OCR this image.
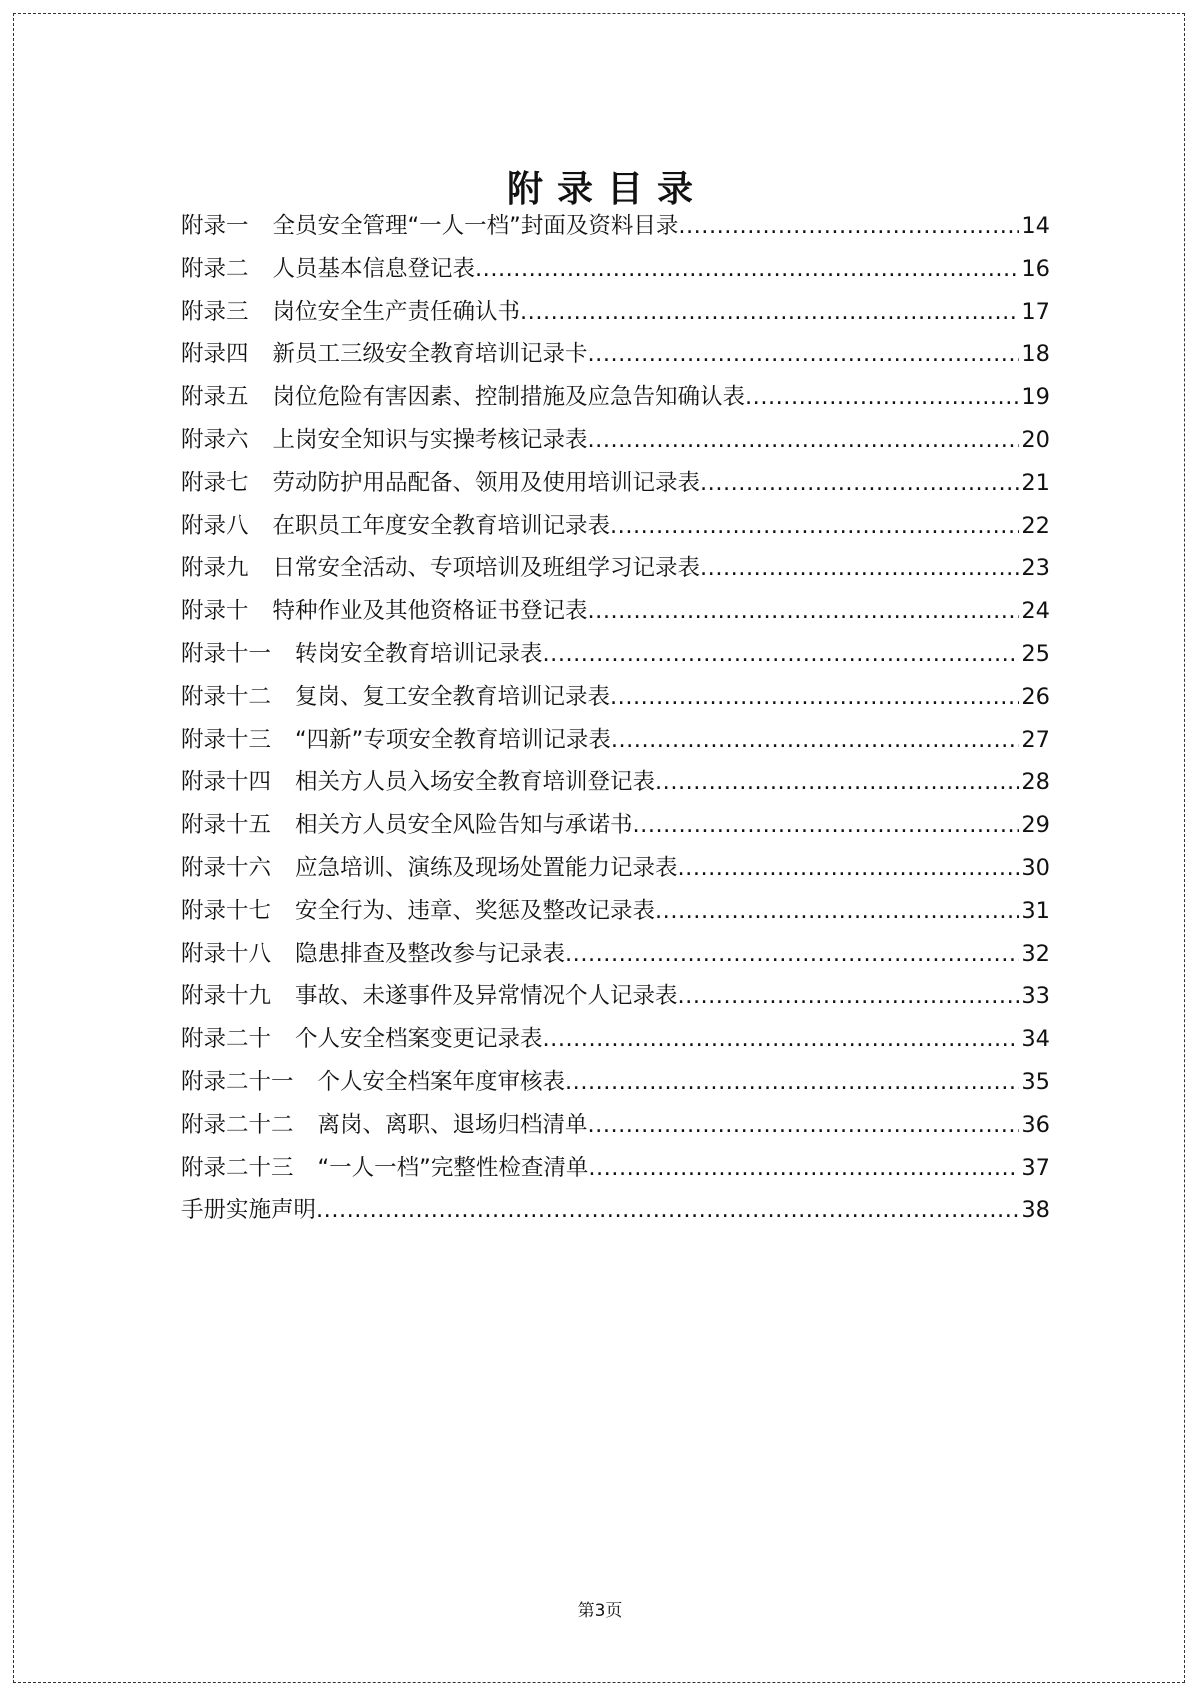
附录目录
附录一	全员安全管理“一人一档”封面及资料目录 .....	14
附录二	人员基本信息登记表 .....	16
附录三	岗位安全生产责任确认书 .....	17
附录四	新员工三级安全教育培训记录卡 .....	18
附录五	岗位危险有害因素、控制措施及应急告知确认表 .....	19
附录六	上岗安全知识与实操考核记录表 .....	20
附录七	劳动防护用品配备、领用及使用培训记录表 .....	21
附录八	在职员工年度安全教育培训记录表 .....	22
附录九	日常安全活动、专项培训及班组学习记录表 .....	23
附录十	特种作业及其他资格证书登记表 .....	24
附录十一	转岗安全教育培训记录表 .....	25
附录十二	复岗、复工安全教育培训记录表 .....	26
附录十三	“四新”专项安全教育培训记录表 .....	27
附录十四	相关方人员入场安全教育培训登记表 .....	28
附录十五	相关方人员安全风险告知与承诺书 .....	29
附录十六	应急培训、演练及现场处置能力记录表 .....	30
附录十七	安全行为、违章、奖惩及整改记录表 .....	31
附录十八	隐患排查及整改参与记录表 .....	32
附录十九	事故、未遂事件及异常情况个人记录表 .....	33
附录二十	个人安全档案变更记录表 .....	34
附录二十一	个人安全档案年度审核表 .....	35
附录二十二	离岗、离职、退场归档清单 .....	36
附录二十三	“一人一档”完整性检查清单 .....	37
手册实施声明 .....	38
第3页
